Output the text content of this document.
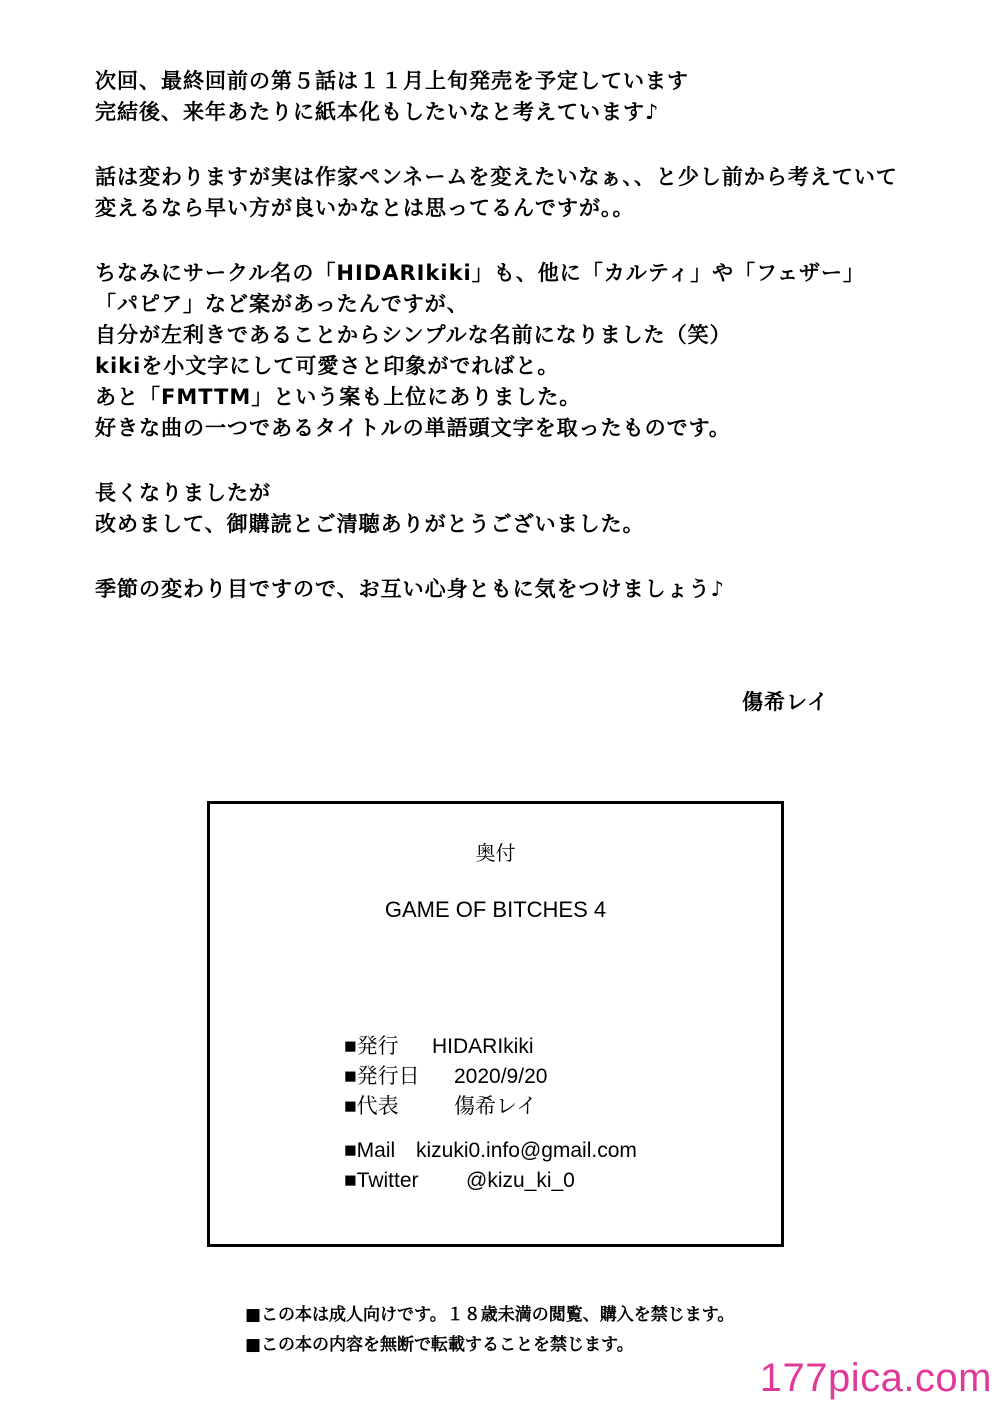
次回、最終回前の第５話は１１月上旬発売を予定しています
完結後、来年あたりに紙本化もしたいなと考えています♪
話は変わりますが実は作家ペンネームを変えたいなぁ、、と少し前から考えていて
変えるなら早い方が良いかなとは思ってるんですが。。
ちなみにサークル名の「HIDARIkiki」も、他に「カルティ」や「フェザー」
「パピア」など案があったんですが、
自分が左利きであることからシンプルな名前になりました（笑）
kikiを小文字にして可愛さと印象がでればと。
あと「FMTTM」という案も上位にありました。
好きな曲の一つであるタイトルの単語頭文字を取ったものです。
長くなりましたが
改めまして、御購読とご清聴ありがとうございました。
季節の変わり目ですので、お互い心身ともに気をつけましょう♪
傷希レイ
奥付
GAME OF BITCHES 4
■発行 HIDARIkiki
■発行日 2020/9/20
■代表	傷希レイ
■Mail kizuki0.info@gmail.com
■Twitter @kizu_ki_0
■この本は成人向けです。１８歳未満の閲覧、購入を禁じます。
■この本の内容を無断で転載することを禁じます。
177pica.com
